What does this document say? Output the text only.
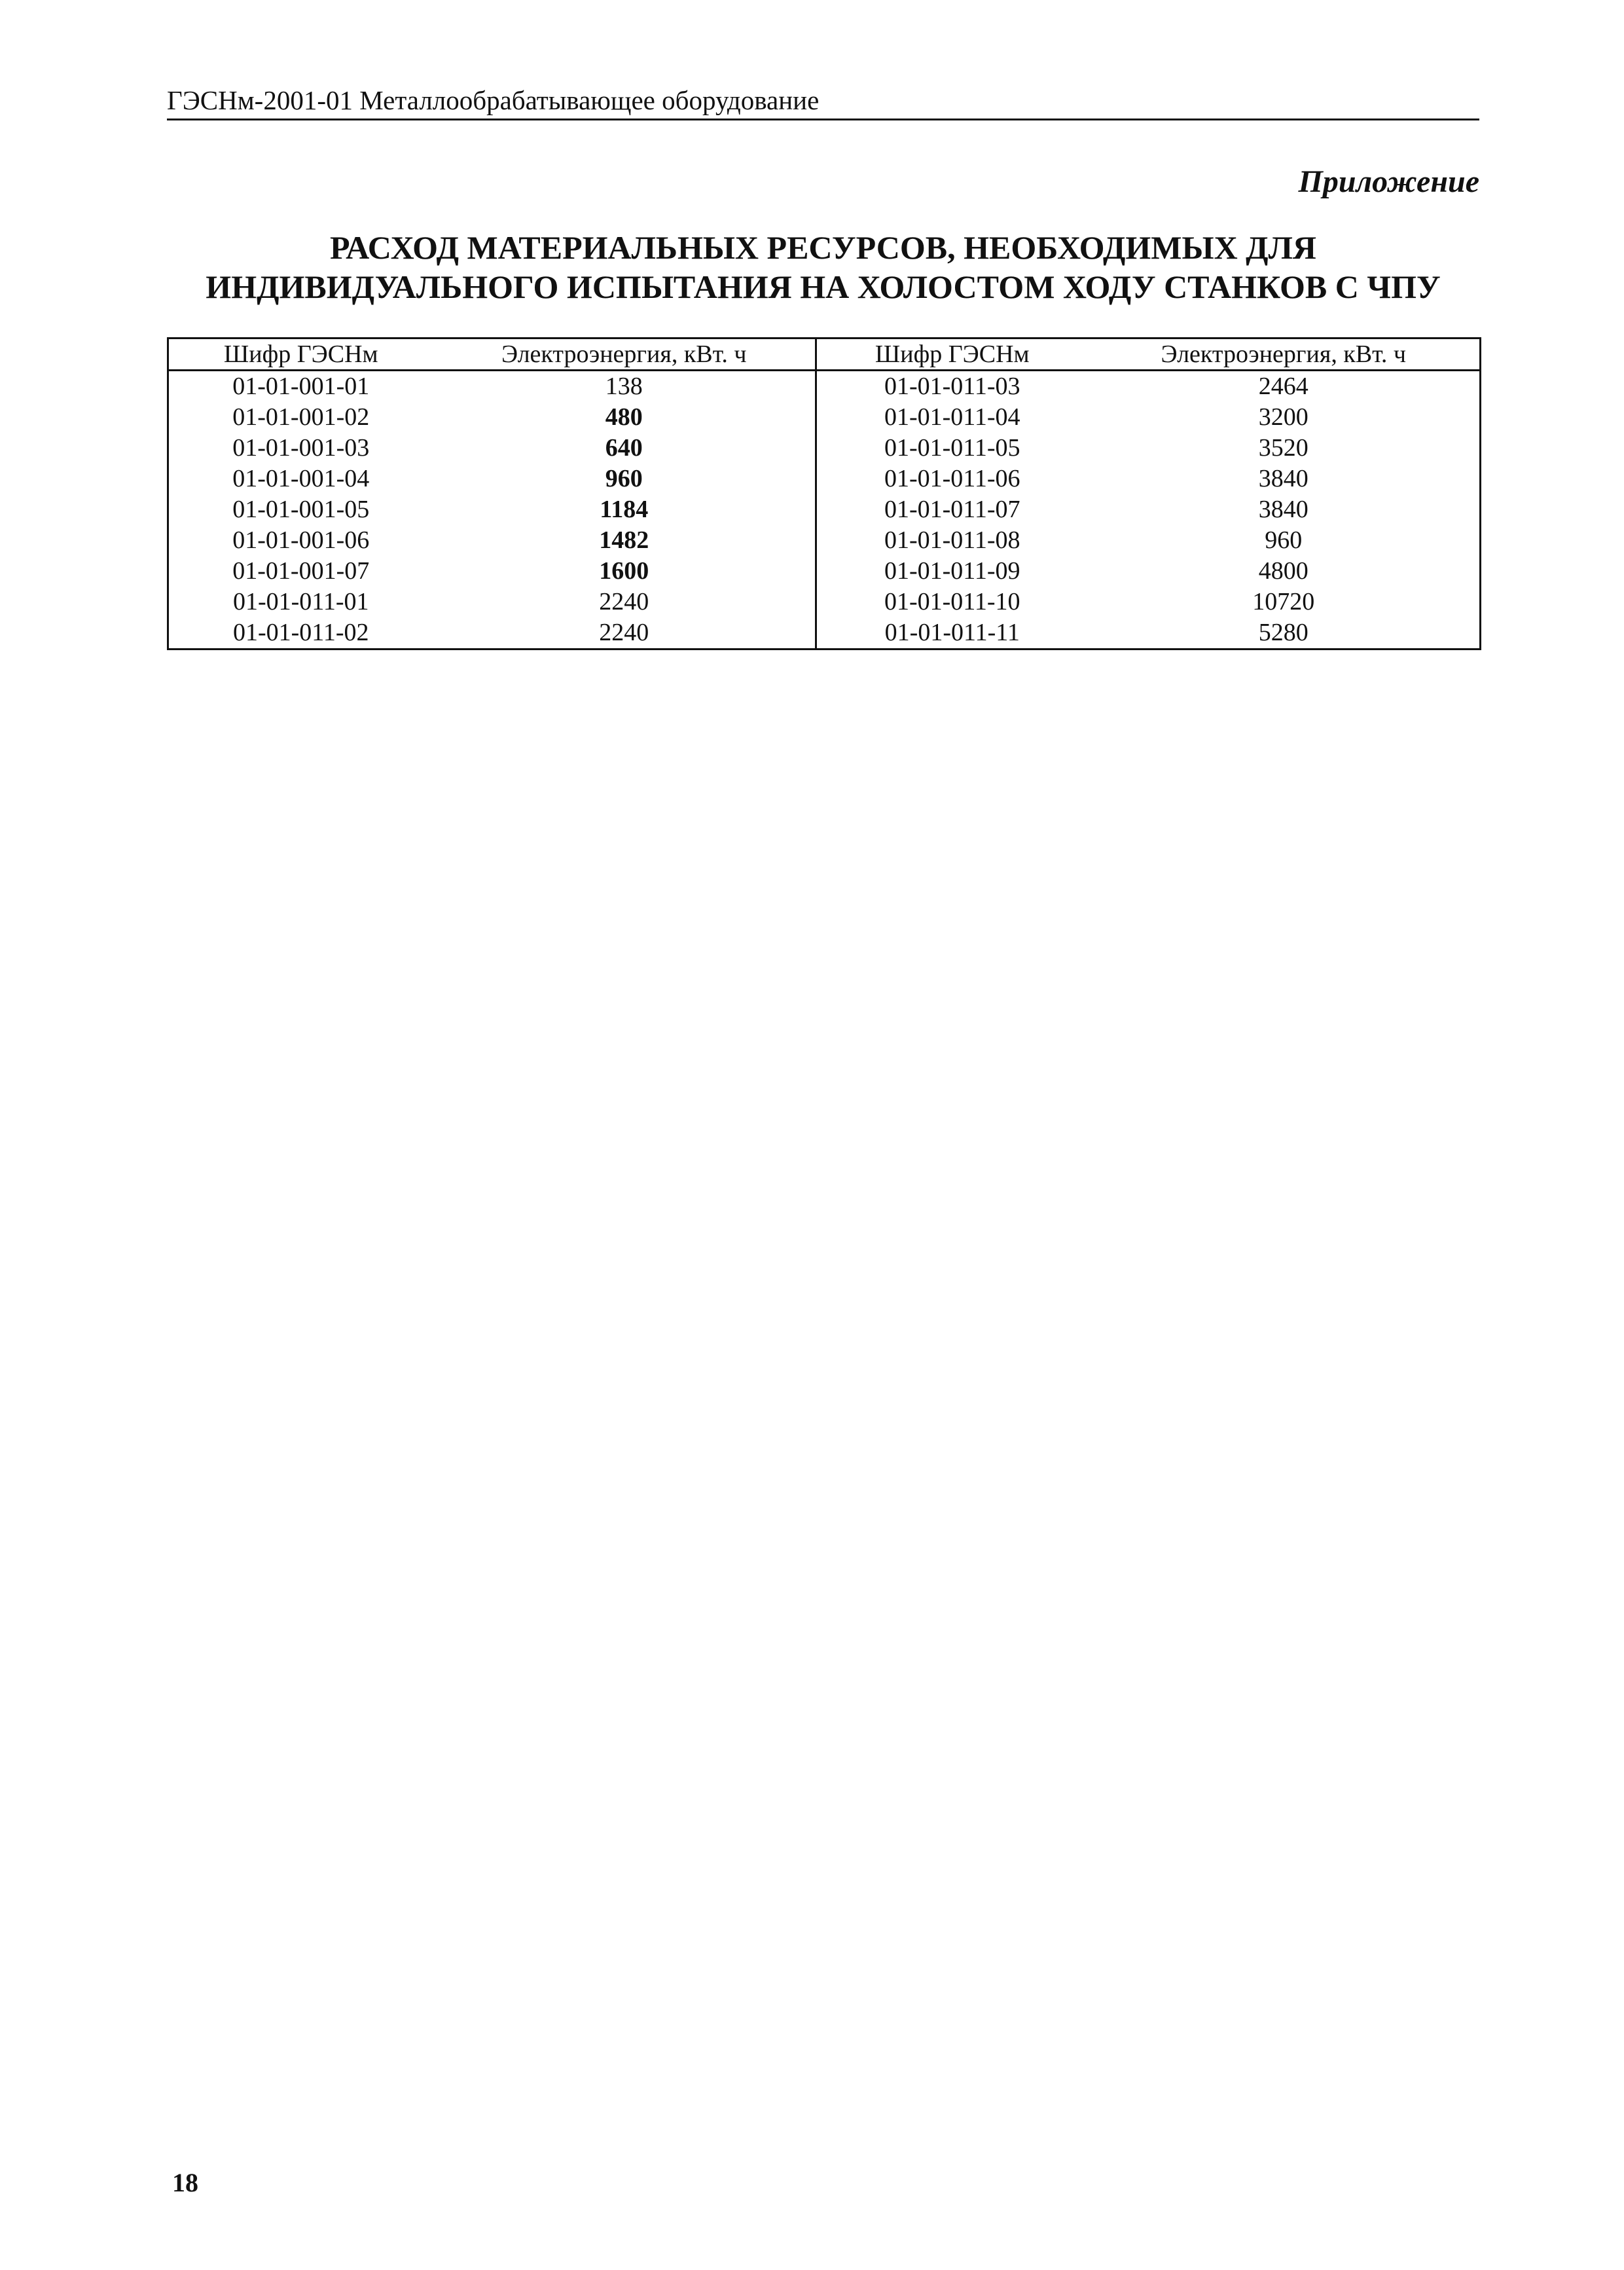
ГЭСНм-2001-01 Металлообрабатывающее оборудование
Приложение
РАСХОД МАТЕРИАЛЬНЫХ РЕСУРСОВ, НЕОБХОДИМЫХ ДЛЯ
ИНДИВИДУАЛЬНОГО ИСПЫТАНИЯ НА ХОЛОСТОМ ХОДУ СТАНКОВ С ЧПУ
Шифр ГЭСНм	Электроэнергия, кВт. ч	Шифр ГЭСНм	Электроэнергия, кВт. ч
01-01-001-01	138	01-01-011-03	2464
01-01-001-02	480	01-01-011-04	3200
01-01-001-03	640	01-01-011-05	3520
01-01-001-04	960	01-01-011-06	3840
01-01-001-05	1184	01-01-011-07	3840
01-01-001-06	1482	01-01-011-08	960
01-01-001-07	1600	01-01-011-09	4800
01-01-011-01	2240	01-01-011-10	10720
01-01-011-02	2240	01-01-011-11	5280
18
